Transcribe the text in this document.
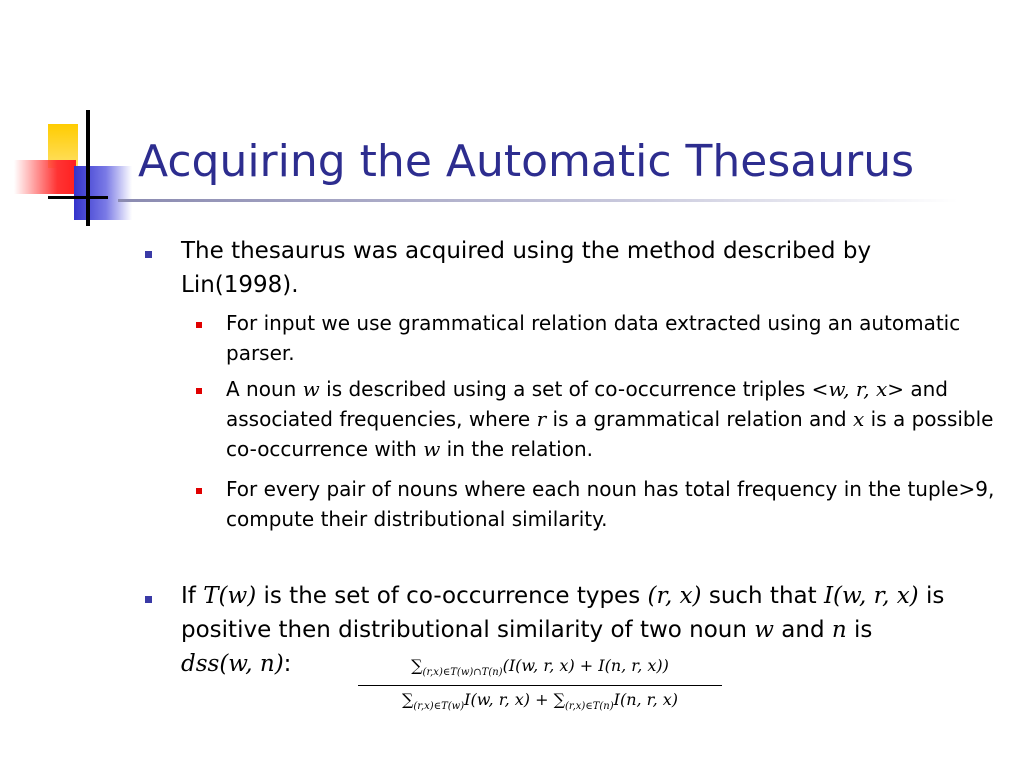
Acquiring the Automatic Thesaurus
The thesaurus was acquired using the method described by Lin(1998).
For input we use grammatical relation data extracted using an automatic parser.
A noun w is described using a set of co-occurrence triples <w, r, x> and associated frequencies, where r is a grammatical relation and x is a possible co-occurrence with w in the relation.
For every pair of nouns where each noun has total frequency in the tuple>9, compute their distributional similarity.
If T(w) is the set of co-occurrence types (r, x) such that I(w, r, x) is positive then distributional similarity of two noun w and n is
dss(w, n):	$\sum_{(r,x)\in T(w)\cap T(n)}(I(w$, r, x) + I(n, r, x))
$\sum_{(r,x)\in T(w)}I(w$, r, $x) + \sum_{(r,x)\in T(n)}I(n$, r, x)
